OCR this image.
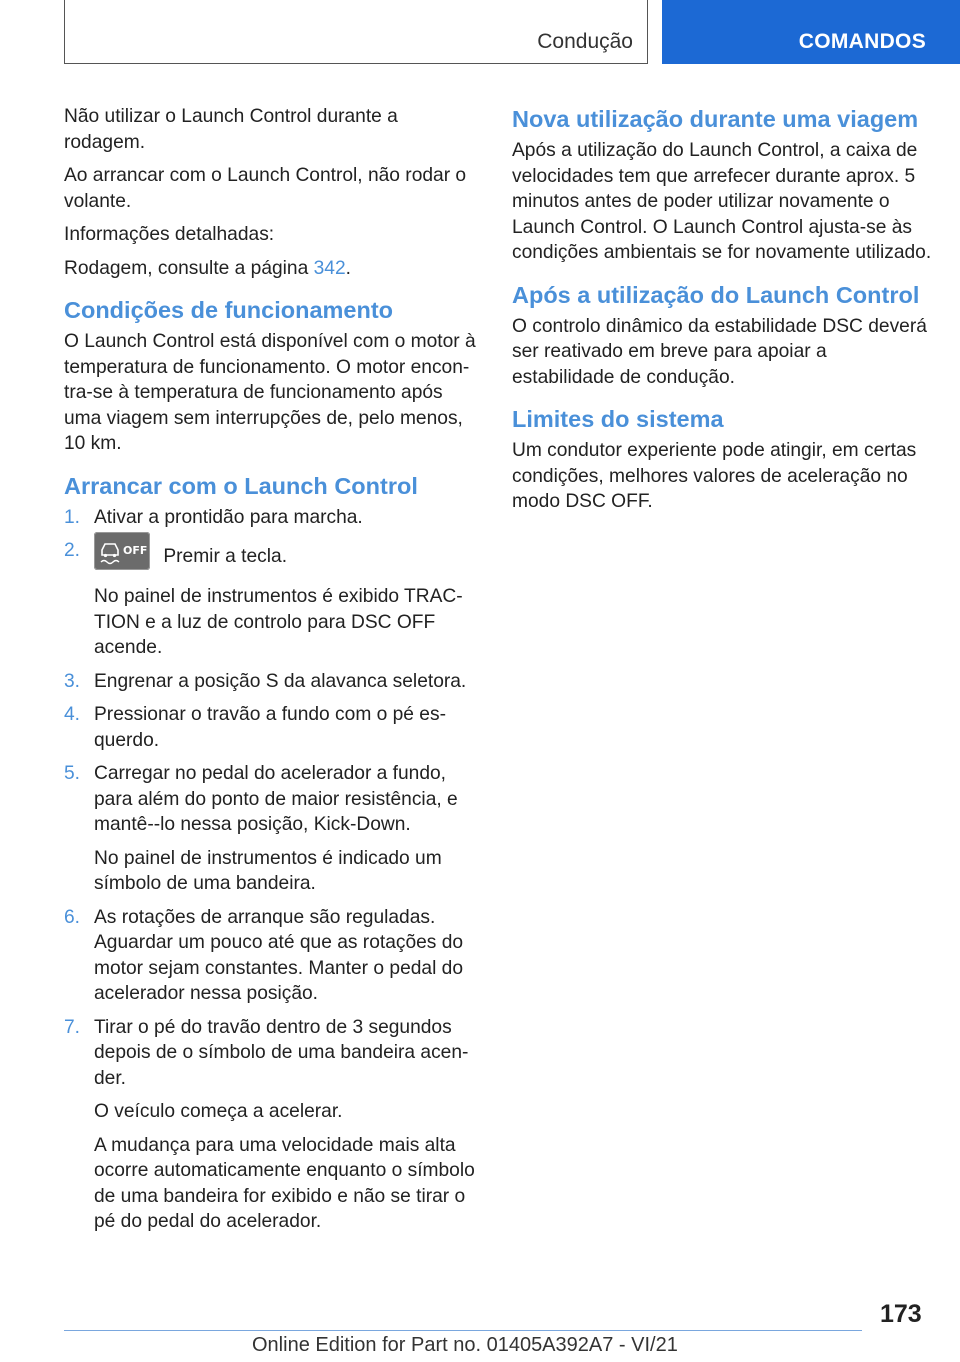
Condução	COMANDOS

Não utilizar o Launch Control durante a rodagem.

Ao arrancar com o Launch Control, não rodar o volante.

Informações detalhadas:

Rodagem, consulte a página 342.

Condições de funcionamento

O Launch Control está disponível com o motor à temperatura de funcionamento. O motor encon-tra-se à temperatura de funcionamento após uma viagem sem interrupções de, pelo menos, 10 km.

Arrancar com o Launch Control
1. Ativar a prontidão para marcha.
2.	OFF Premir a tecla.

No painel de instrumentos é exibido TRAC-TION e a luz de controlo para DSC OFF acende.

3. Engrenar a posição S da alavanca seletora.
4. Pressionar o travão a fundo com o pé es-querdo.
5. Carregar no pedal do acelerador a fundo, para além do ponto de maior resistência, e mantê--lo nessa posição, Kick-Down.

No painel de instrumentos é indicado um símbolo de uma bandeira.

6. As rotações de arranque são reguladas. Aguardar um pouco até que as rotações do motor sejam constantes. Manter o pedal do acelerador nessa posição.
7. Tirar o pé do travão dentro de 3 segundos depois de o símbolo de uma bandeira acen-der.

O veículo começa a acelerar.

A mudança para uma velocidade mais alta ocorre automaticamente enquanto o símbolo de uma bandeira for exibido e não se tirar o pé do pedal do acelerador.

Nova utilização durante uma viagem

Após a utilização do Launch Control, a caixa de velocidades tem que arrefecer durante aprox. 5 minutos antes de poder utilizar novamente o Launch Control. O Launch Control ajusta-se às condições ambientais se for novamente utilizado.

Após a utilização do Launch Control

O controlo dinâmico da estabilidade DSC deverá ser reativado em breve para apoiar a estabilidade de condução.

Limites do sistema

Um condutor experiente pode atingir, em certas condições, melhores valores de aceleração no modo DSC OFF.

173
Online Edition for Part no. 01405A392A7 - VI/21
